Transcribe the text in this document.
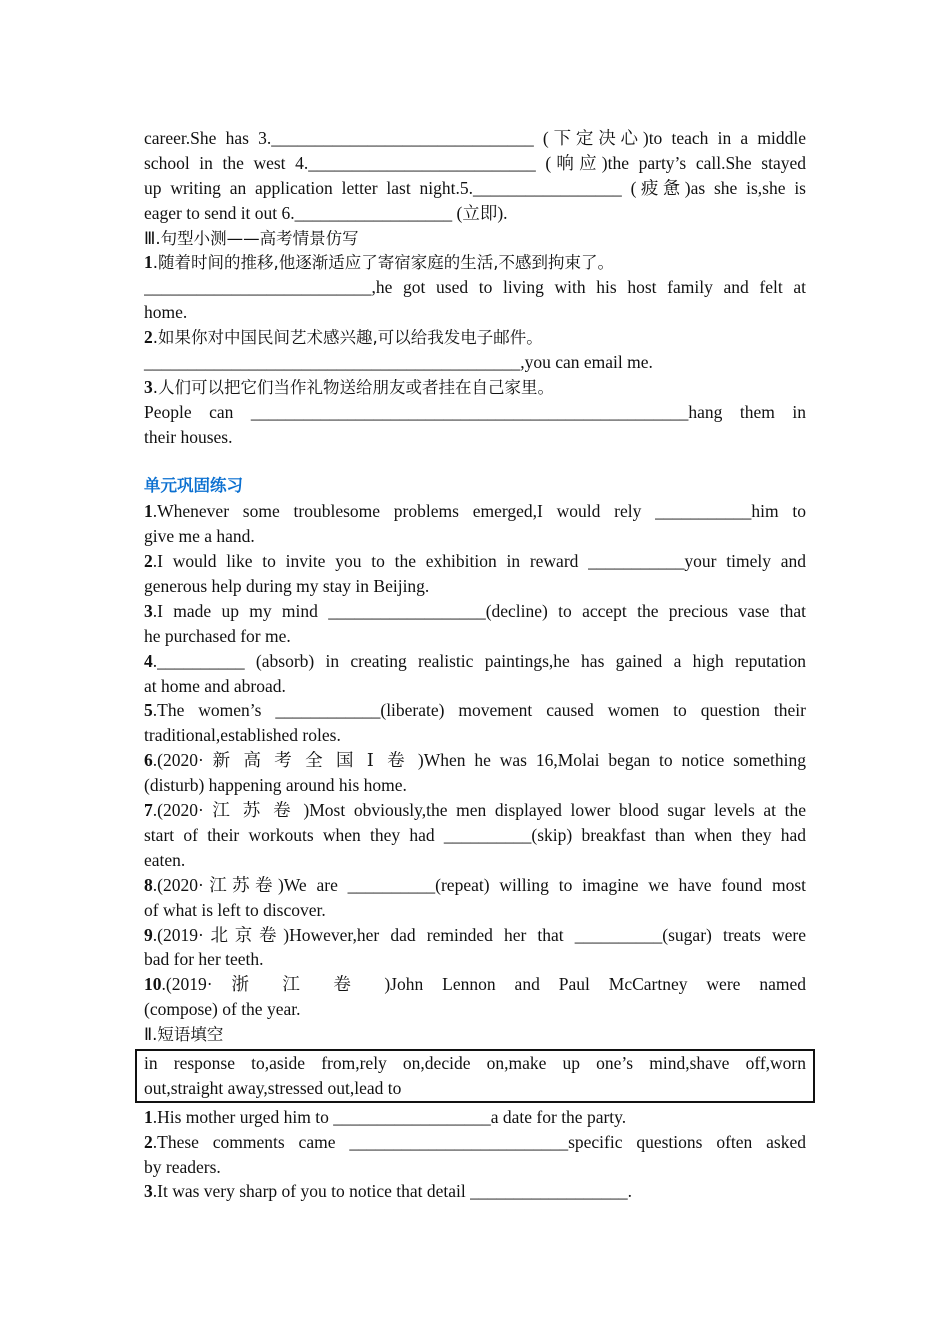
career.She has 3.______________________________ (下定决心)to teach in a middle
school in the west 4.__________________________ (响应)the party’s call.She stayed
up writing an application letter last night.5._________________ (疲惫)as she is,she is
eager to send it out 6.__________________ (立即).
Ⅲ.句型小测——高考情景仿写
1.随着时间的推移,他逐渐适应了寄宿家庭的生活,不感到拘束了。
__________________________,he got used to living with his host family and felt at
home.
2.如果你对中国民间艺术感兴趣,可以给我发电子邮件。
___________________________________________,you can email me.
3.人们可以把它们当作礼物送给朋友或者挂在自己家里。
People can __________________________________________________hang them in
their houses.
单元巩固练习
1.Whenever some troublesome problems emerged,I would rely ___________him to
give me a hand.
2.I would like to invite you to the exhibition in reward ___________your timely and
generous help during my stay in Beijing.
3.I made up my mind __________________(decline) to accept the precious vase that
he purchased for me.
4.__________ (absorb) in creating realistic paintings,he has gained a high reputation
at home and abroad.
5.The women’s ____________(liberate) movement caused women to question their
traditional,established roles.
6.(2020· 新 高 考 全 国 Ⅰ 卷 )When he was 16,Molai began to notice something
(disturb) happening around his home.
7.(2020· 江 苏 卷 )Most obviously,the men displayed lower blood sugar levels at the
start of their workouts when they had __________(skip) breakfast than when they had
eaten.
8.(2020·江苏卷)We are __________(repeat) willing to imagine we have found most
of what is left to discover.
9.(2019·北京卷)However,her dad reminded her that __________(sugar) treats were
bad for her teeth.
10.(2019· 浙 江 卷 )John Lennon and Paul McCartney were named
(compose) of the year.
Ⅱ.短语填空
in response to,aside from,rely on,decide on,make up one’s mind,shave off,worn
out,straight away,stressed out,lead to
1.His mother urged him to __________________a date for the party.
2.These comments came _________________________specific questions often asked
by readers.
3.It was very sharp of you to notice that detail __________________.
